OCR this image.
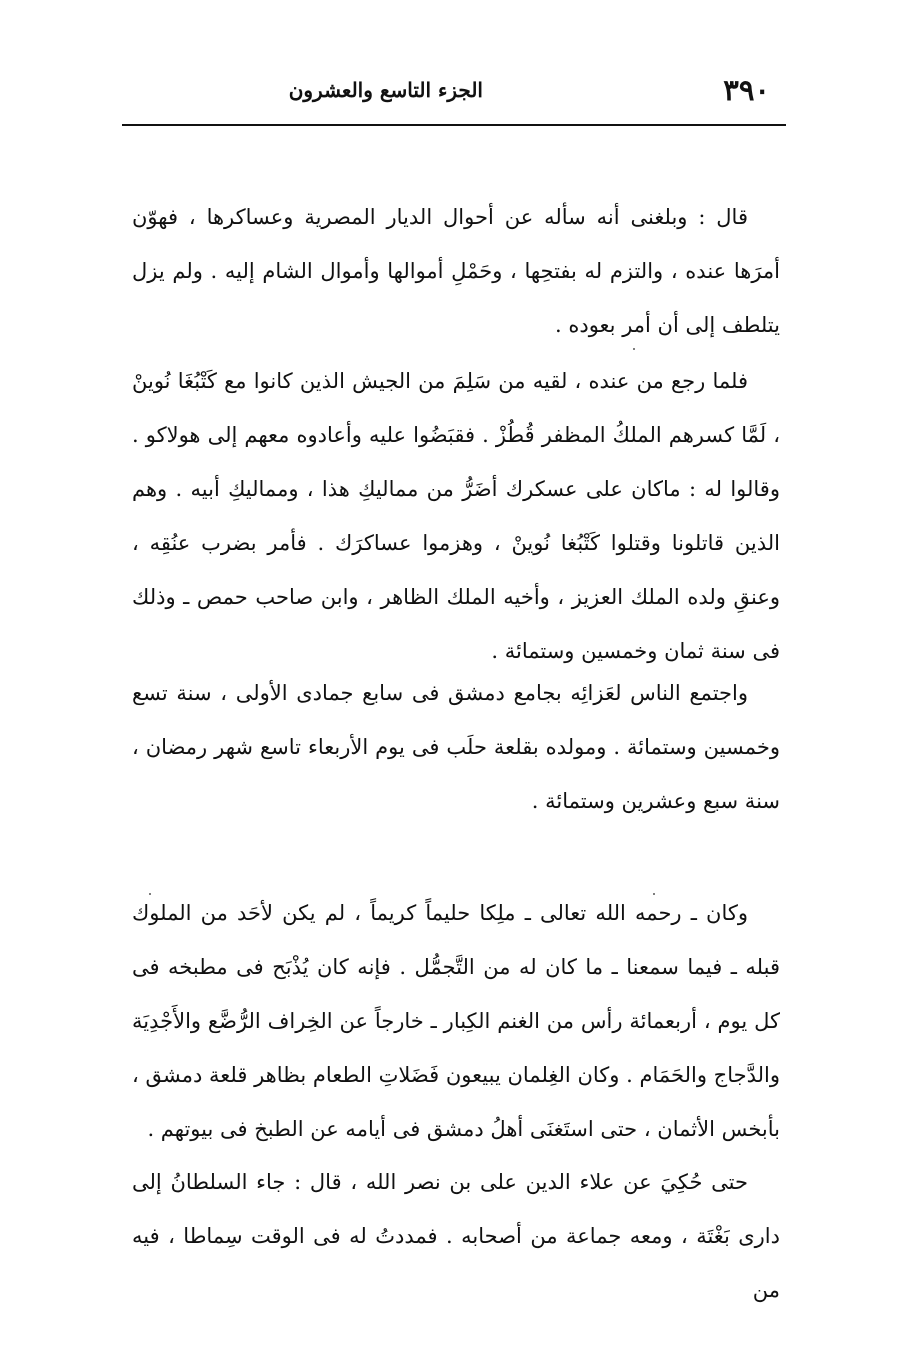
٣٩٠
الجزء التاسع والعشرون

قال : وبلغنى أنه سأله عن أحوال الديار المصرية وعساكرها ، فهوّن أمرَها عنده ، والتزم له بفتحِها ، وحَمْلِ أموالها وأموال الشام إليه . ولم يزل يتلطف إلى أن أمر بعوده .

فلما رجع من عنده ، لقيه من سَلِمَ من الجيش الذين كانوا مع كَتْبُغَا نُوينْ ، لَمَّا كسرهم الملكُ المظفر قُطُزْ . فقبَضُوا عليه وأعادوه معهم إلى هولاكو . وقالوا له : ماكان على عسكرك أضَرُّ من مماليكِ هذا ، ومماليكِ أبيه . وهم الذين قاتلونا وقتلوا كَتْبُغا نُوينْ ، وهزموا عساكرَك . فأمر بضرب عنُقِه ، وعنقِ ولده الملك العزيز ، وأخيه الملك الظاهر ، وابن صاحب حمص ـ وذلك فى سنة ثمان وخمسين وستمائة .

واجتمع الناس لعَزائِه بجامع دمشق فى سابع جمادى الأولى ، سنة تسع وخمسين وستمائة . ومولده بقلعة حلَب فى يوم الأربعاء تاسع شهر رمضان ، سنة سبع وعشرين وستمائة .

وكان ـ رحمه الله تعالى ـ ملِكا حليماً كريماً ، لم يكن لأحَد من الملوك قبله ـ فيما سمعنا ـ ما كان له من التَّجمُّل . فإنه كان يُذْبَح فى مطبخه فى كل يوم ، أربعمائة رأس من الغنم الكِبار ـ خارجاً عن الخِراف الرُّضَّع والأَجْدِيَة والدَّجاج والحَمَام . وكان الغِلمان يبيعون فَضَلاتِ الطعام بظاهر قلعة دمشق ، بأبخس الأثمان ، حتى استَغنَى أهلُ دمشق فى أيامه عن الطبخ فى بيوتهم .

حتى حُكِيَ عن علاء الدين على بن نصر الله ، قال : جاء السلطانُ إلى دارى بَغْتَة ، ومعه جماعة من أصحابه . فمددتُ له فى الوقت سِماطا ، فيه من
